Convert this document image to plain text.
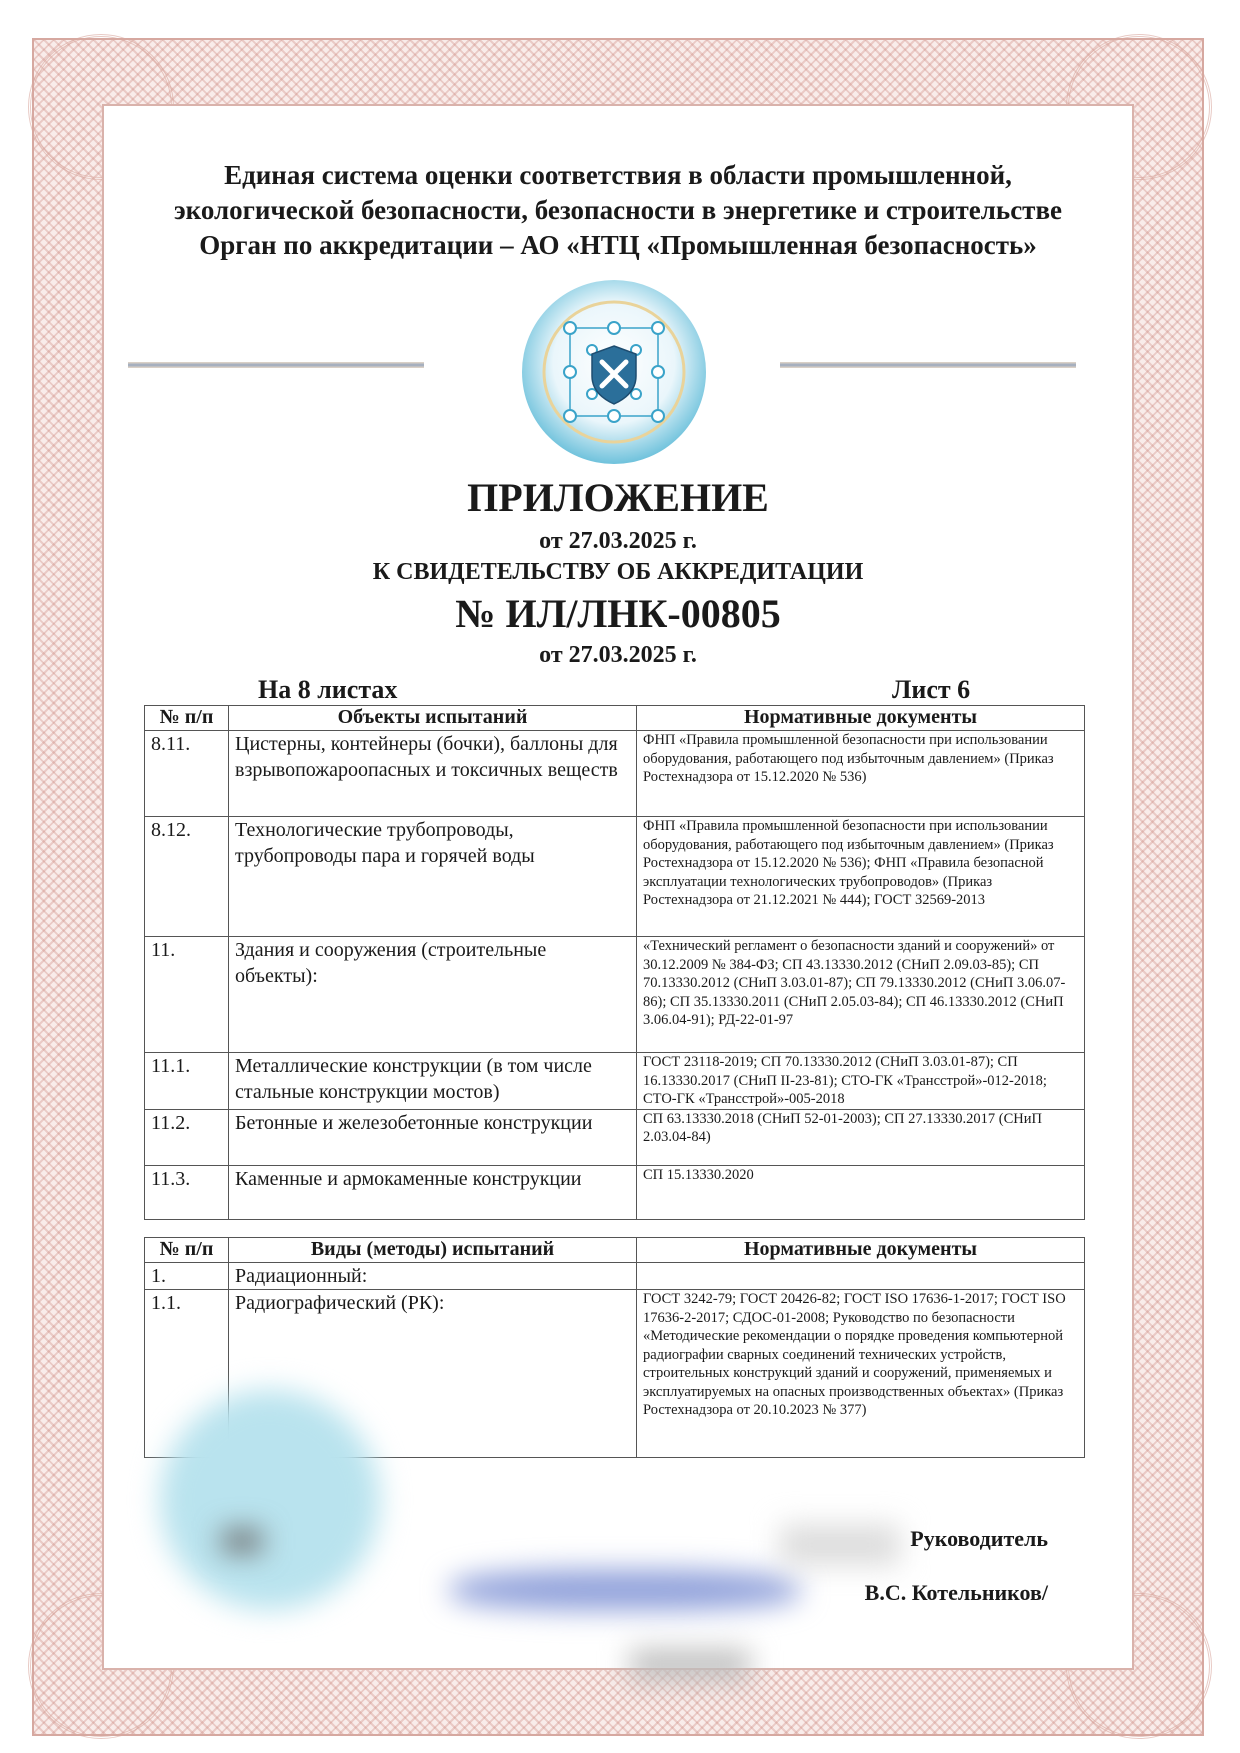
Единая система оценки соответствия в области промышленной,
экологической безопасности, безопасности в энергетике и строительстве
Орган по аккредитации – АО «НТЦ «Промышленная безопасность»
ПРИЛОЖЕНИЕ
от 27.03.2025 г.
К СВИДЕТЕЛЬСТВУ ОБ АККРЕДИТАЦИИ
№ ИЛ/ЛНК-00805
от 27.03.2025 г.
На 8 листах	Лист 6
№ п/п	Объекты испытаний	Нормативные документы
8.11.	Цистерны, контейнеры (бочки), баллоны для взрывопожароопасных и токсичных веществ	ФНП «Правила промышленной безопасности при использовании оборудования, работающего под избыточным давлением» (Приказ Ростехнадзора от 15.12.2020 № 536)
8.12.	Технологические трубопроводы, трубопроводы пара и горячей воды	ФНП «Правила промышленной безопасности при использовании оборудования, работающего под избыточным давлением» (Приказ Ростехнадзора от 15.12.2020 № 536); ФНП «Правила безопасной эксплуатации технологических трубопроводов» (Приказ Ростехнадзора от 21.12.2021 № 444); ГОСТ 32569-2013
11.	Здания и сооружения (строительные объекты):	«Технический регламент о безопасности зданий и сооружений» от 30.12.2009 № 384-ФЗ; СП 43.13330.2012 (СНиП 2.09.03-85); СП 70.13330.2012 (СНиП 3.03.01-87); СП 79.13330.2012 (СНиП 3.06.07-86); СП 35.13330.2011 (СНиП 2.05.03-84); СП 46.13330.2012 (СНиП 3.06.04-91); РД-22-01-97
11.1.	Металлические конструкции (в том числе стальные конструкции мостов)	ГОСТ 23118-2019; СП 70.13330.2012 (СНиП 3.03.01-87); СП 16.13330.2017 (СНиП II-23-81); СТО-ГК «Трансстрой»-012-2018; СТО-ГК «Трансстрой»-005-2018
11.2.	Бетонные и железобетонные конструкции	СП 63.13330.2018 (СНиП 52-01-2003); СП 27.13330.2017 (СНиП 2.03.04-84)
11.3.	Каменные и армокаменные конструкции	СП 15.13330.2020
№ п/п	Виды (методы) испытаний	Нормативные документы
1.	Радиационный:	
1.1.	Радиографический (РК):	ГОСТ 3242-79; ГОСТ 20426-82; ГОСТ ISO 17636-1-2017; ГОСТ ISO 17636-2-2017; СДОС-01-2008; Руководство по безопасности «Методические рекомендации о порядке проведения компьютерной радиографии сварных соединений технических устройств, строительных конструкций зданий и сооружений, применяемых и эксплуатируемых на опасных производственных объектах» (Приказ Ростехнадзора от 20.10.2023 № 377)
Руководитель
В.С. Котельников/
